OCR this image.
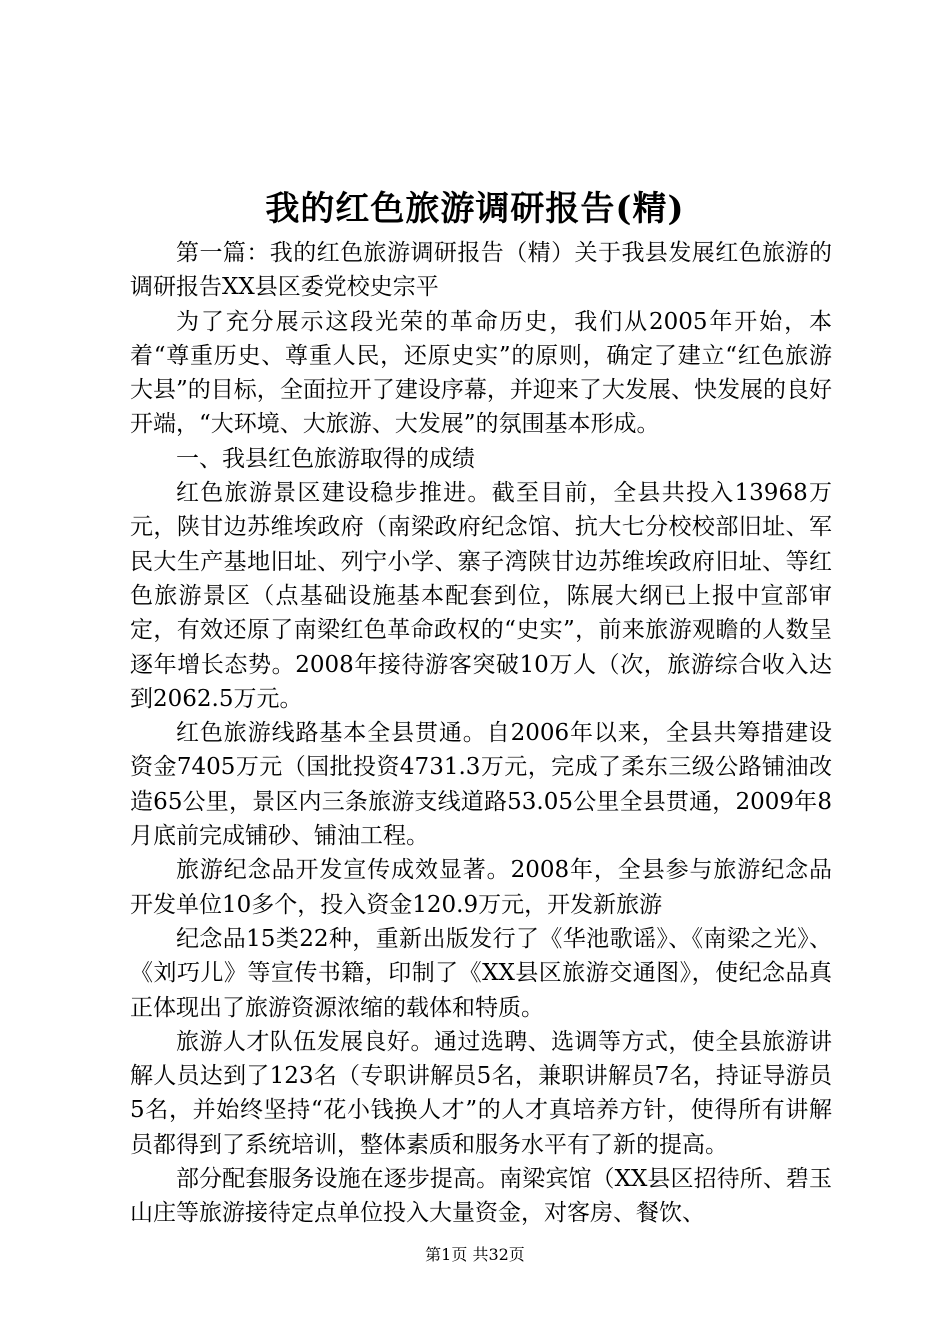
我的红色旅游调研报告(精)

第一篇：我的红色旅游调研报告（精）关于我县发展红色旅游的调研报告XX县区委党校史宗平

为了充分展示这段光荣的革命历史，我们从2005年开始，本着“尊重历史、尊重人民，还原史实”的原则，确定了建立“红色旅游大县”的目标，全面拉开了建设序幕，并迎来了大发展、快发展的良好开端，“大环境、大旅游、大发展”的氛围基本形成。

一、我县红色旅游取得的成绩

红色旅游景区建设稳步推进。截至目前，全县共投入13968万元，陕甘边苏维埃政府（南梁政府纪念馆、抗大七分校校部旧址、军民大生产基地旧址、列宁小学、寨子湾陕甘边苏维埃政府旧址、等红色旅游景区（点基础设施基本配套到位，陈展大纲已上报中宣部审定，有效还原了南梁红色革命政权的“史实”，前来旅游观瞻的人数呈逐年增长态势。2008年接待游客突破10万人（次，旅游综合收入达到2062.5万元。

红色旅游线路基本全县贯通。自2006年以来，全县共筹措建设资金7405万元（国批投资4731.3万元，完成了柔东三级公路铺油改造65公里，景区内三条旅游支线道路53.05公里全县贯通，2009年8月底前完成铺砂、铺油工程。

旅游纪念品开发宣传成效显著。2008年，全县参与旅游纪念品开发单位10多个，投入资金120.9万元，开发新旅游

纪念品15类22种，重新出版发行了《华池歌谣》、《南梁之光》、《刘巧儿》等宣传书籍，印制了《XX县区旅游交通图》，使纪念品真正体现出了旅游资源浓缩的载体和特质。

旅游人才队伍发展良好。通过选聘、选调等方式，使全县旅游讲解人员达到了123名（专职讲解员5名，兼职讲解员7名，持证导游员5名，并始终坚持“花小钱换人才”的人才真培养方针，使得所有讲解员都得到了系统培训，整体素质和服务水平有了新的提高。

部分配套服务设施在逐步提高。南梁宾馆（XX县区招待所、碧玉山庄等旅游接待定点单位投入大量资金，对客房、餐饮、

第1页 共32页
